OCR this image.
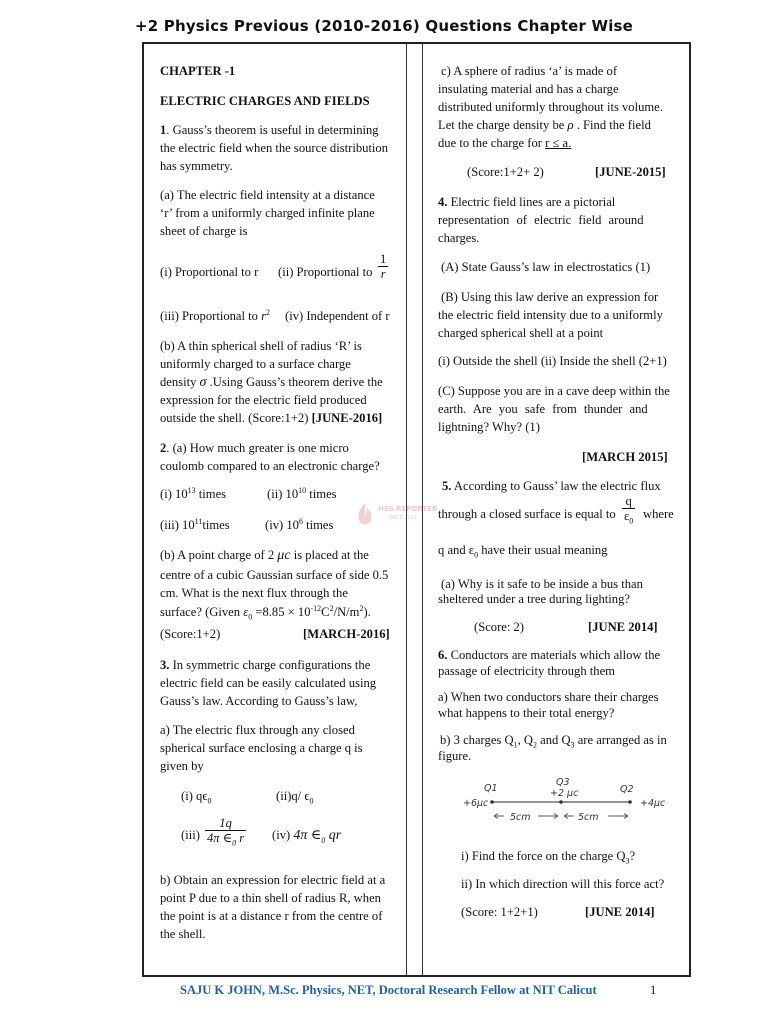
+2 Physics Previous (2010-2016) Questions Chapter Wise
CHAPTER -1
ELECTRIC CHARGES AND FIELDS
1. Gauss’s theorem is useful in determining
the electric field when the source distribution
has symmetry.
(a) The electric field intensity at a distance
‘r’ from a uniformly charged infinite plane
sheet of charge is
(i) Proportional to r (ii) Proportional to $\frac{1}{r}$
(iii) Proportional to $r^2$ (iv) Independent of r
(b) A thin spherical shell of radius ‘R’ is
uniformly charged to a surface charge
density σ .Using Gauss’s theorem derive the
expression for the electric field produced
outside the shell. (Score:1+2) [JUNE-2016]
2. (a) How much greater is one micro
coulomb compared to an electronic charge?
(i) $10^{13}$ times	(ii) $10^{10}$ times
(iii) $10^{11}times$	(iv) $10^6$ times
(b) A point charge of 2 μc is placed at the
centre of a cubic Gaussian surface of side 0.5
cm. What is the next flux through the
surface? (Given $\varepsilon_0 =8.85 \times 10^{-12}C^2/N/m^2$).
(Score:1+2)	[MARCH-2016]
3. In symmetric charge configurations the
electric field can be easily calculated using
Gauss’s law. According to Gauss’s law,
a) The electric flux through any closed
spherical surface enclosing a charge q is
given by
(i) $q\epsilon_0$	(ii)q/ $\epsilon_0$
$(iii) \frac{1q}{4\pi \in_0 r} (iv)$ 4π $\in_0$ qr
b) Obtain an expression for electric field at a
point P due to a thin shell of radius R, when
the point is at a distance r from the centre of
the shell.
c) A sphere of radius ‘a’ is made of
insulating material and has a charge
distributed uniformly throughout its volume.
Let the charge density be ρ . Find the field
due to the charge for r ≤ a.
(Score:1+2+ 2)	[JUNE-2015]
4. Electric field lines are a pictorial
representation of electric field around
charges.
(A) State Gauss’s law in electrostatics (1)
(B) Using this law derive an expression for
the electric field intensity due to a uniformly
charged spherical shell at a point
(i) Outside the shell (ii) Inside the shell (2+1)
(C) Suppose you are in a cave deep within the
earth. Are you safe from thunder and
lightning? Why? (1)
[MARCH 2015]
5. According to Gauss’ law the electric flux
through a closed surface is equal to $\frac{q}{\varepsilon_0}$ where
q and $\varepsilon_0$ have their usual meaning
(a) Why is it safe to be inside a bus than
sheltered under a tree during lighting?
(Score: 2)	[JUNE 2014]
6. Conductors are materials which allow the
passage of electricity through them
a) When two conductors share their charges
what happens to their total energy?
b) 3 charges $Q_1$, $Q_2$ and $Q_3$ are arranged as in
figure.
Q1
Q3
Q2
+6μc
+2 μc
+4μc
5cm	5cm
i) Find the force on the charge $Q_3$?
ii) In which direction will this force act?
(Score: 1+2+1)	[JUNE 2014]
HSS REPORTER
SINCE 2011
SAJU K JOHN, M.Sc. Physics, NET, Doctoral Research Fellow at NIT Calicut	1
